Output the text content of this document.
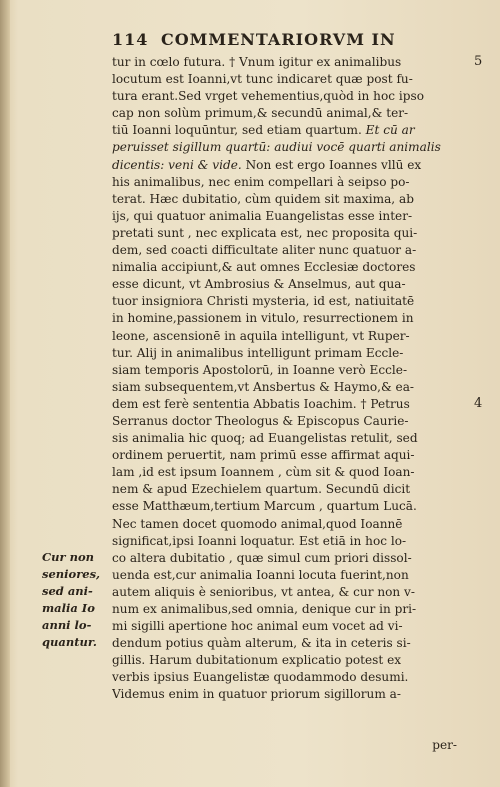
114 COMMENTARIORVM IN
tur in cœlo futura. † Vnum igitur ex animalibus
locutum est Ioanni,vt tunc indicaret quæ post fu-
tura erant.Sed vrget vehementius,quòd in hoc ipso
cap non solùm primum,& secundū animal,& ter-
tiū Ioanni loquūntur, sed etiam quartum. Et cū ar
peruisset sigillum quartū: audiui vocē quarti animalis
dicentis: veni & vide. Non est ergo Ioannes vllū ex
his animalibus, nec enim compellari à seipso po-
terat. Hæc dubitatio, cùm quidem sit maxima, ab
ijs, qui quatuor animalia Euangelistas esse inter-
pretati sunt , nec explicata est, nec proposita qui-
dem, sed coacti difficultate aliter nunc quatuor a-
nimalia accipiunt,& aut omnes Ecclesiæ doctores
esse dicunt, vt Ambrosius & Anselmus, aut qua-
tuor insigniora Christi mysteria, id est, natiuitatē
in homine,passionem in vitulo, resurrectionem in
leone, ascensionē in aquila intelligunt, vt Ruper-
tur. Alij in animalibus intelligunt primam Eccle-
siam temporis Apostolorū, in Ioanne verò Eccle-
siam subsequentem,vt Ansbertus & Haymo,& ea-
dem est ferè sententia Abbatis Ioachim. † Petrus
Serranus doctor Theologus & Episcopus Caurie-
sis animalia hic quoq; ad Euangelistas retulit, sed
ordinem peruertit, nam primū esse affirmat aqui-
lam ,id est ipsum Ioannem , cùm sit & quod Ioan-
nem & apud Ezechielem quartum. Secundū dicit
esse Matthæum,tertium Marcum , quartum Lucā.
Nec tamen docet quomodo animal,quod Ioannē
significat,ipsi Ioanni loquatur. Est etiā in hoc lo-
co altera dubitatio , quæ simul cum priori dissol-
uenda est,cur animalia Ioanni locuta fuerint,non
autem aliquis è senioribus, vt antea, & cur non v-
num ex animalibus,sed omnia, denique cur in pri-
mi sigilli apertione hoc animal eum vocet ad vi-
dendum potius quàm alterum, & ita in ceteris si-
gillis. Harum dubitationum explicatio potest ex
verbis ipsius Euangelistæ quodammodo desumi.
Videmus enim in quatuor priorum sigillorum a-
Cur non
seniores,
sed ani-
malia Io
anni lo-
quantur.
5
4
per-
